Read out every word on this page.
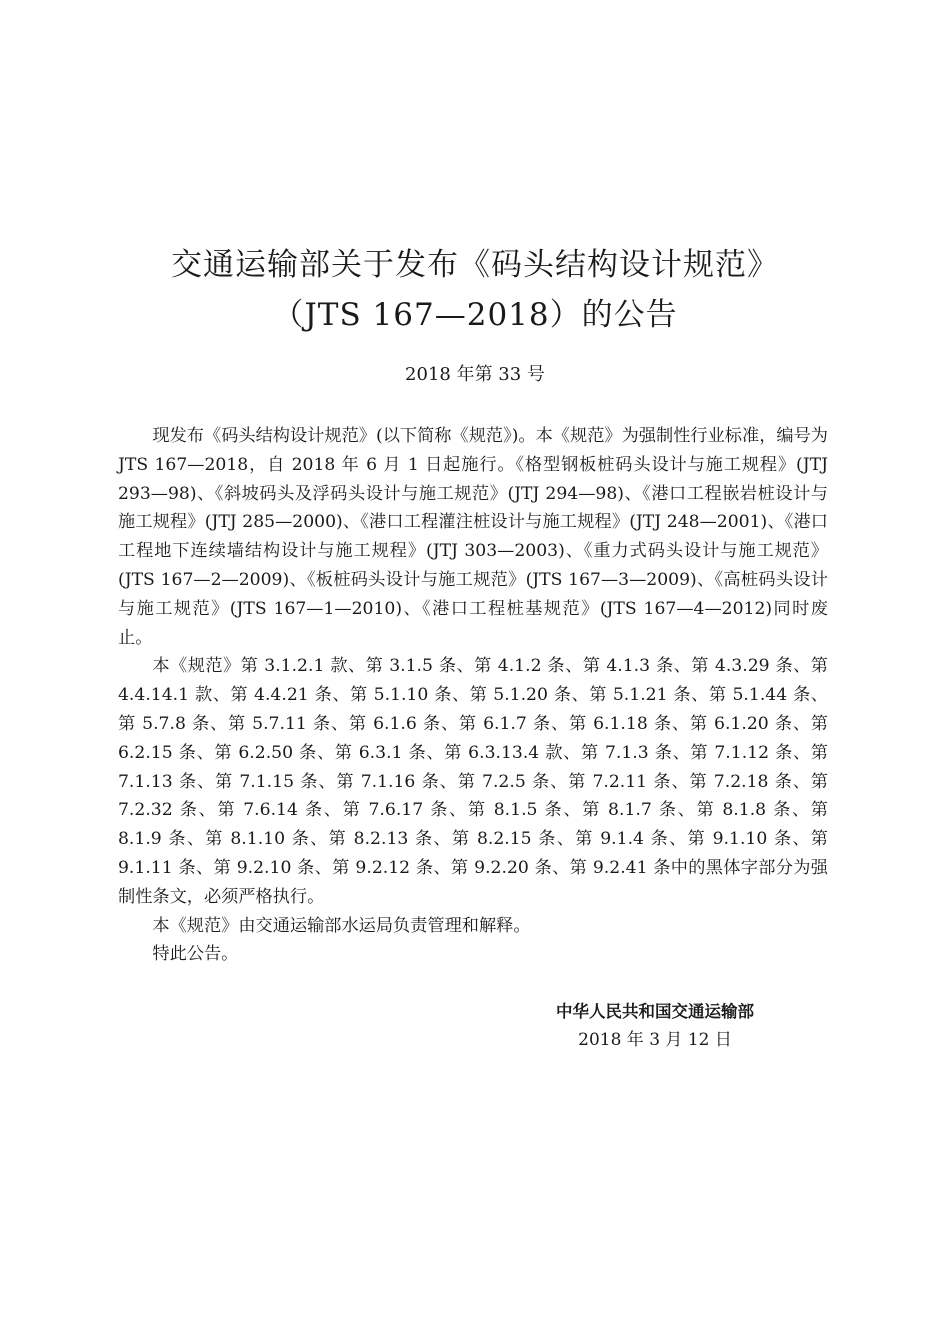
交通运输部关于发布《码头结构设计规范》
（JTS 167—2018）的公告
2018 年第 33 号

现发布《码头结构设计规范》(以下简称《规范》)。本《规范》为强制性行业标准，编号为 JTS 167—2018，自 2018 年 6 月 1 日起施行。《格型钢板桩码头设计与施工规程》(JTJ 293—98)、《斜坡码头及浮码头设计与施工规范》(JTJ 294—98)、《港口工程嵌岩桩设计与施工规程》(JTJ 285—2000)、《港口工程灌注桩设计与施工规程》(JTJ 248—2001)、《港口工程地下连续墙结构设计与施工规程》(JTJ 303—2003)、《重力式码头设计与施工规范》(JTS 167—2—2009)、《板桩码头设计与施工规范》(JTS 167—3—2009)、《高桩码头设计与施工规范》(JTS 167—1—2010)、《港口工程桩基规范》(JTS 167—4—2012)同时废止。

本《规范》第 3.1.2.1 款、第 3.1.5 条、第 4.1.2 条、第 4.1.3 条、第 4.3.29 条、第 4.4.14.1 款、第 4.4.21 条、第 5.1.10 条、第 5.1.20 条、第 5.1.21 条、第 5.1.44 条、第 5.7.8 条、第 5.7.11 条、第 6.1.6 条、第 6.1.7 条、第 6.1.18 条、第 6.1.20 条、第 6.2.15 条、第 6.2.50 条、第 6.3.1 条、第 6.3.13.4 款、第 7.1.3 条、第 7.1.12 条、第 7.1.13 条、第 7.1.15 条、第 7.1.16 条、第 7.2.5 条、第 7.2.11 条、第 7.2.18 条、第 7.2.32 条、第 7.6.14 条、第 7.6.17 条、第 8.1.5 条、第 8.1.7 条、第 8.1.8 条、第 8.1.9 条、第 8.1.10 条、第 8.2.13 条、第 8.2.15 条、第 9.1.4 条、第 9.1.10 条、第 9.1.11 条、第 9.2.10 条、第 9.2.12 条、第 9.2.20 条、第 9.2.41 条中的黑体字部分为强制性条文，必须严格执行。

本《规范》由交通运输部水运局负责管理和解释。

特此公告。

中华人民共和国交通运输部
2018 年 3 月 12 日
